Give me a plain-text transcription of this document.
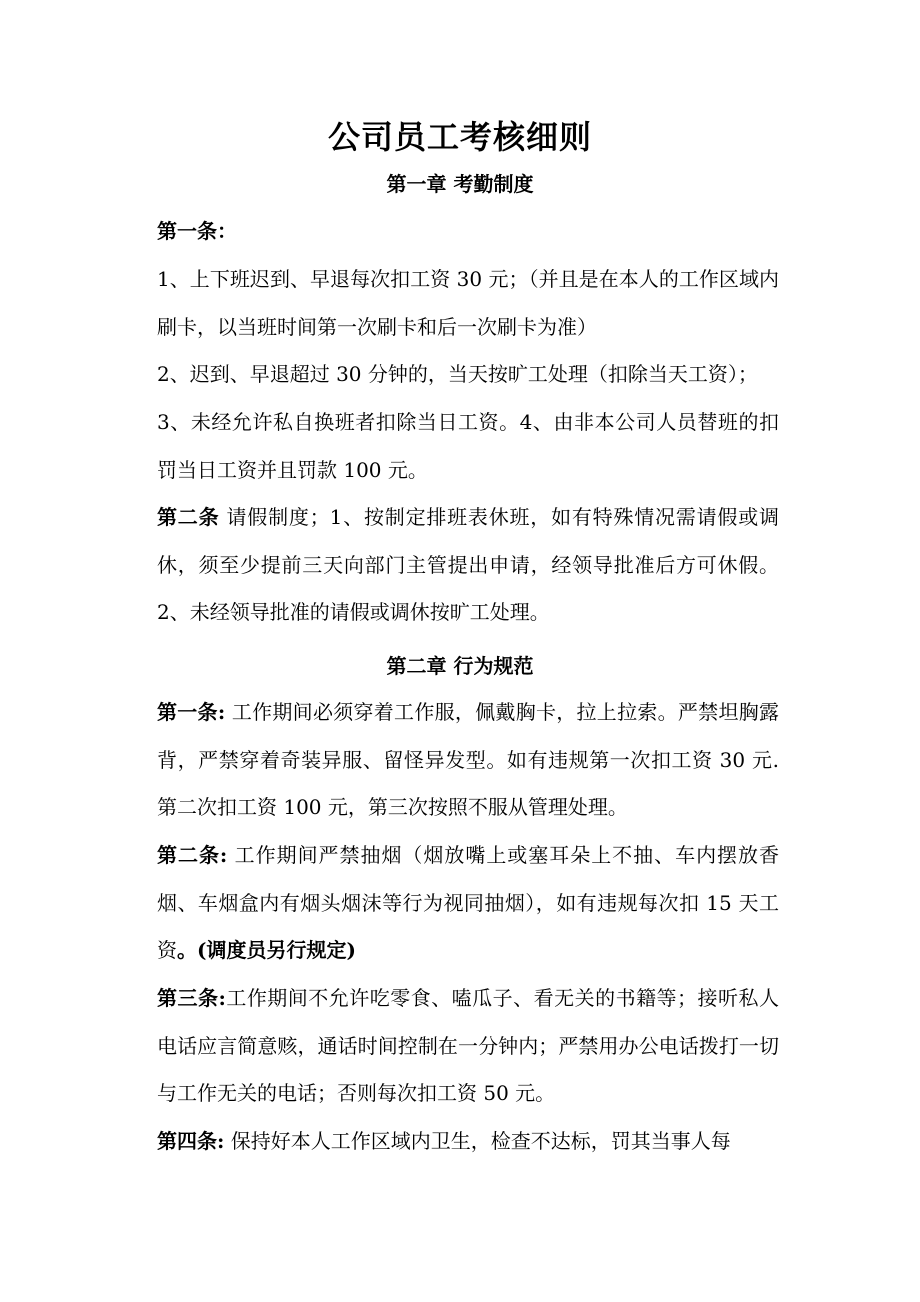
公司员工考核细则
第一章 考勤制度
第一条：
1、上下班迟到、早退每次扣工资 30 元；（并且是在本人的工作区域内刷卡，以当班时间第一次刷卡和后一次刷卡为准）
2、迟到、早退超过 30 分钟的，当天按旷工处理（扣除当天工资）；
3、未经允许私自换班者扣除当日工资。4、由非本公司人员替班的扣罚当日工资并且罚款 100 元。
第二条 请假制度；1、按制定排班表休班，如有特殊情况需请假或调休，须至少提前三天向部门主管提出申请，经领导批准后方可休假。2、未经领导批准的请假或调休按旷工处理。
第二章 行为规范
第一条: 工作期间必须穿着工作服，佩戴胸卡，拉上拉索。严禁坦胸露背，严禁穿着奇装异服、留怪异发型。如有违规第一次扣工资 30 元.第二次扣工资 100 元，第三次按照不服从管理处理。
第二条: 工作期间严禁抽烟（烟放嘴上或塞耳朵上不抽、车内摆放香烟、车烟盒内有烟头烟沫等行为视同抽烟），如有违规每次扣 15 天工资。(调度员另行规定)
第三条:工作期间不允许吃零食、嗑瓜子、看无关的书籍等；接听私人电话应言简意赅，通话时间控制在一分钟内；严禁用办公电话拨打一切与工作无关的电话；否则每次扣工资 50 元。
第四条: 保持好本人工作区域内卫生，检查不达标，罚其当事人每
